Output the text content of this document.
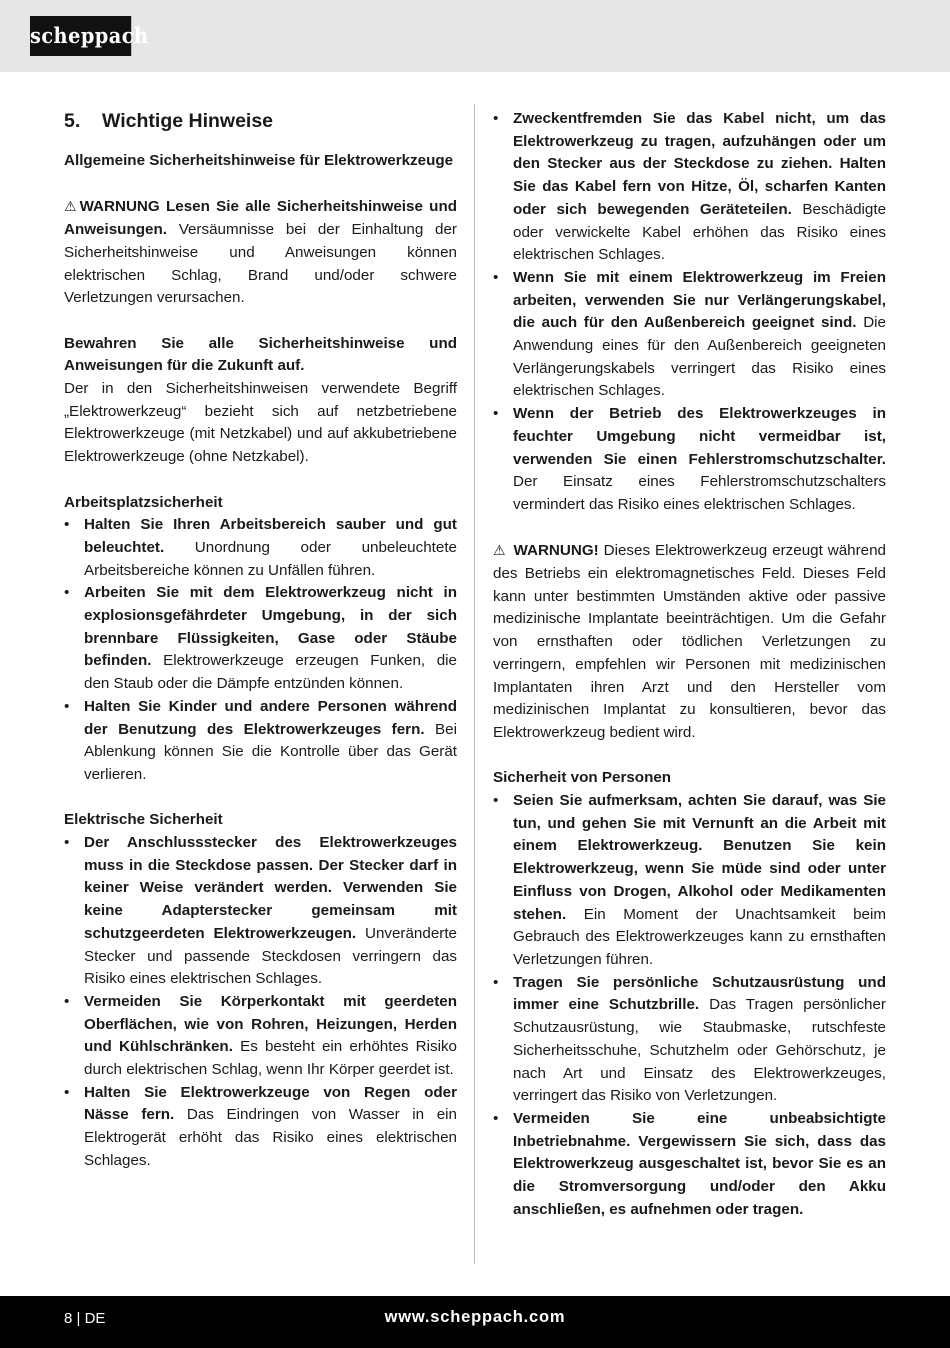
scheppach
5.	Wichtige Hinweise

Allgemeine Sicherheitshinweise für Elektrowerkzeuge

⚠ WARNUNG Lesen Sie alle Sicherheitshinweise und Anweisungen. Versäumnisse bei der Einhaltung der Sicherheitshinweise und Anweisungen können elektrischen Schlag, Brand und/oder schwere Verletzungen verursachen.

Bewahren Sie alle Sicherheitshinweise und Anweisungen für die Zukunft auf.

Der in den Sicherheitshinweisen verwendete Begriff „Elektrowerkzeug“ bezieht sich auf netzbetriebene Elektrowerkzeuge (mit Netzkabel) und auf akkubetriebene Elektrowerkzeuge (ohne Netzkabel).

Arbeitsplatzsicherheit

• Halten Sie Ihren Arbeitsbereich sauber und gut beleuchtet. Unordnung oder unbeleuchtete Arbeitsbereiche können zu Unfällen führen.
• Arbeiten Sie mit dem Elektrowerkzeug nicht in explosionsgefährdeter Umgebung, in der sich brennbare Flüssigkeiten, Gase oder Stäube befinden. Elektrowerkzeuge erzeugen Funken, die den Staub oder die Dämpfe entzünden können.
• Halten Sie Kinder und andere Personen während der Benutzung des Elektrowerkzeuges fern. Bei Ablenkung können Sie die Kontrolle über das Gerät verlieren.

Elektrische Sicherheit

• Der Anschlussstecker des Elektrowerkzeuges muss in die Steckdose passen. Der Stecker darf in keiner Weise verändert werden. Verwenden Sie keine Adapterstecker gemeinsam mit schutzgeerdeten Elektrowerkzeugen. Unveränderte Stecker und passende Steckdosen verringern das Risiko eines elektrischen Schlages.
• Vermeiden Sie Körperkontakt mit geerdeten Oberflächen, wie von Rohren, Heizungen, Herden und Kühlschränken. Es besteht ein erhöhtes Risiko durch elektrischen Schlag, wenn Ihr Körper geerdet ist.
• Halten Sie Elektrowerkzeuge von Regen oder Nässe fern. Das Eindringen von Wasser in ein Elektrogerät erhöht das Risiko eines elektrischen Schlages.
• Zweckentfremden Sie das Kabel nicht, um das Elektrowerkzeug zu tragen, aufzuhängen oder um den Stecker aus der Steckdose zu ziehen. Halten Sie das Kabel fern von Hitze, Öl, scharfen Kanten oder sich bewegenden Geräteteilen. Beschädigte oder verwickelte Kabel erhöhen das Risiko eines elektrischen Schlages.
• Wenn Sie mit einem Elektrowerkzeug im Freien arbeiten, verwenden Sie nur Verlängerungskabel, die auch für den Außenbereich geeignet sind. Die Anwendung eines für den Außenbereich geeigneten Verlängerungskabels verringert das Risiko eines elektrischen Schlages.
• Wenn der Betrieb des Elektrowerkzeuges in feuchter Umgebung nicht vermeidbar ist, verwenden Sie einen Fehlerstromschutzschalter. Der Einsatz eines Fehlerstromschutzschalters vermindert das Risiko eines elektrischen Schlages.

⚠ WARNUNG! Dieses Elektrowerkzeug erzeugt während des Betriebs ein elektromagnetisches Feld. Dieses Feld kann unter bestimmten Umständen aktive oder passive medizinische Implantate beeinträchtigen. Um die Gefahr von ernsthaften oder tödlichen Verletzungen zu verringern, empfehlen wir Personen mit medizinischen Implantaten ihren Arzt und den Hersteller vom medizinischen Implantat zu konsultieren, bevor das Elektrowerkzeug bedient wird.

Sicherheit von Personen

• Seien Sie aufmerksam, achten Sie darauf, was Sie tun, und gehen Sie mit Vernunft an die Arbeit mit einem Elektrowerkzeug. Benutzen Sie kein Elektrowerkzeug, wenn Sie müde sind oder unter Einfluss von Drogen, Alkohol oder Medikamenten stehen. Ein Moment der Unachtsamkeit beim Gebrauch des Elektrowerkzeuges kann zu ernsthaften Verletzungen führen.
• Tragen Sie persönliche Schutzausrüstung und immer eine Schutzbrille. Das Tragen persönlicher Schutzausrüstung, wie Staubmaske, rutschfeste Sicherheitsschuhe, Schutzhelm oder Gehörschutz, je nach Art und Einsatz des Elektrowerkzeuges, verringert das Risiko von Verletzungen.
• Vermeiden Sie eine unbeabsichtigte Inbetriebnahme. Vergewissern Sie sich, dass das Elektrowerkzeug ausgeschaltet ist, bevor Sie es an die Stromversorgung und/oder den Akku anschließen, es aufnehmen oder tragen.
8 | DE	www.scheppach.com
